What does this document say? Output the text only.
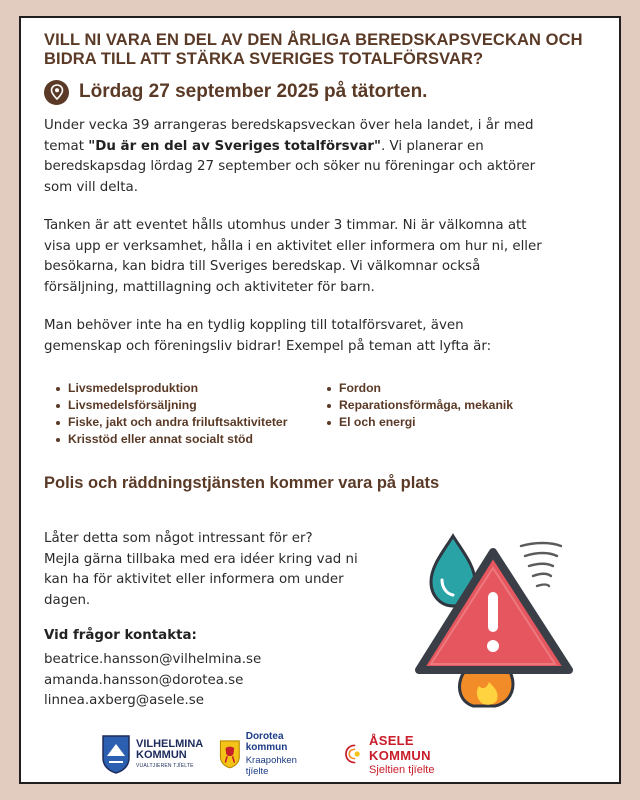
VILL NI VARA EN DEL AV DEN ÅRLIGA BEREDSKAPSVECKAN OCH BIDRA TILL ATT STÄRKA SVERIGES TOTALFÖRSVAR?
Lördag 27 september 2025 på tätorten.

Under vecka 39 arrangeras beredskapsveckan över hela landet, i år med temat "Du är en del av Sveriges totalförsvar". Vi planerar en beredskapsdag lördag 27 september och söker nu föreningar och aktörer som vill delta.

Tanken är att eventet hålls utomhus under 3 timmar. Ni är välkomna att visa upp er verksamhet, hålla i en aktivitet eller informera om hur ni, eller besökarna, kan bidra till Sveriges beredskap. Vi välkomnar också försäljning, mattillagning och aktiviteter för barn.

Man behöver inte ha en tydlig koppling till totalförsvaret, även gemenskap och föreningsliv bidrar! Exempel på teman att lyfta är:

Livsmedelsproduktion
Livsmedelsförsäljning
Fiske, jakt och andra friluftsaktiviteter
Krisstöd eller annat socialt stöd
Fordon
Reparationsförmåga, mekanik
El och energi
Polis och räddningstjänsten kommer vara på plats

Låter detta som något intressant för er?
Mejla gärna tillbaka med era idéer kring vad ni kan ha för aktivitet eller informera om under dagen.

Vid frågor kontakta:

beatrice.hansson@vilhelmina.se
amanda.hansson@dorotea.se
linnea.axberg@asele.se
VILHELMINA
KOMMUN
VUALTJIEREN TJÏELTE
Dorotea kommun
Kraapohken tjïelte
ÅSELE KOMMUN
Sjeltien tjïelte
